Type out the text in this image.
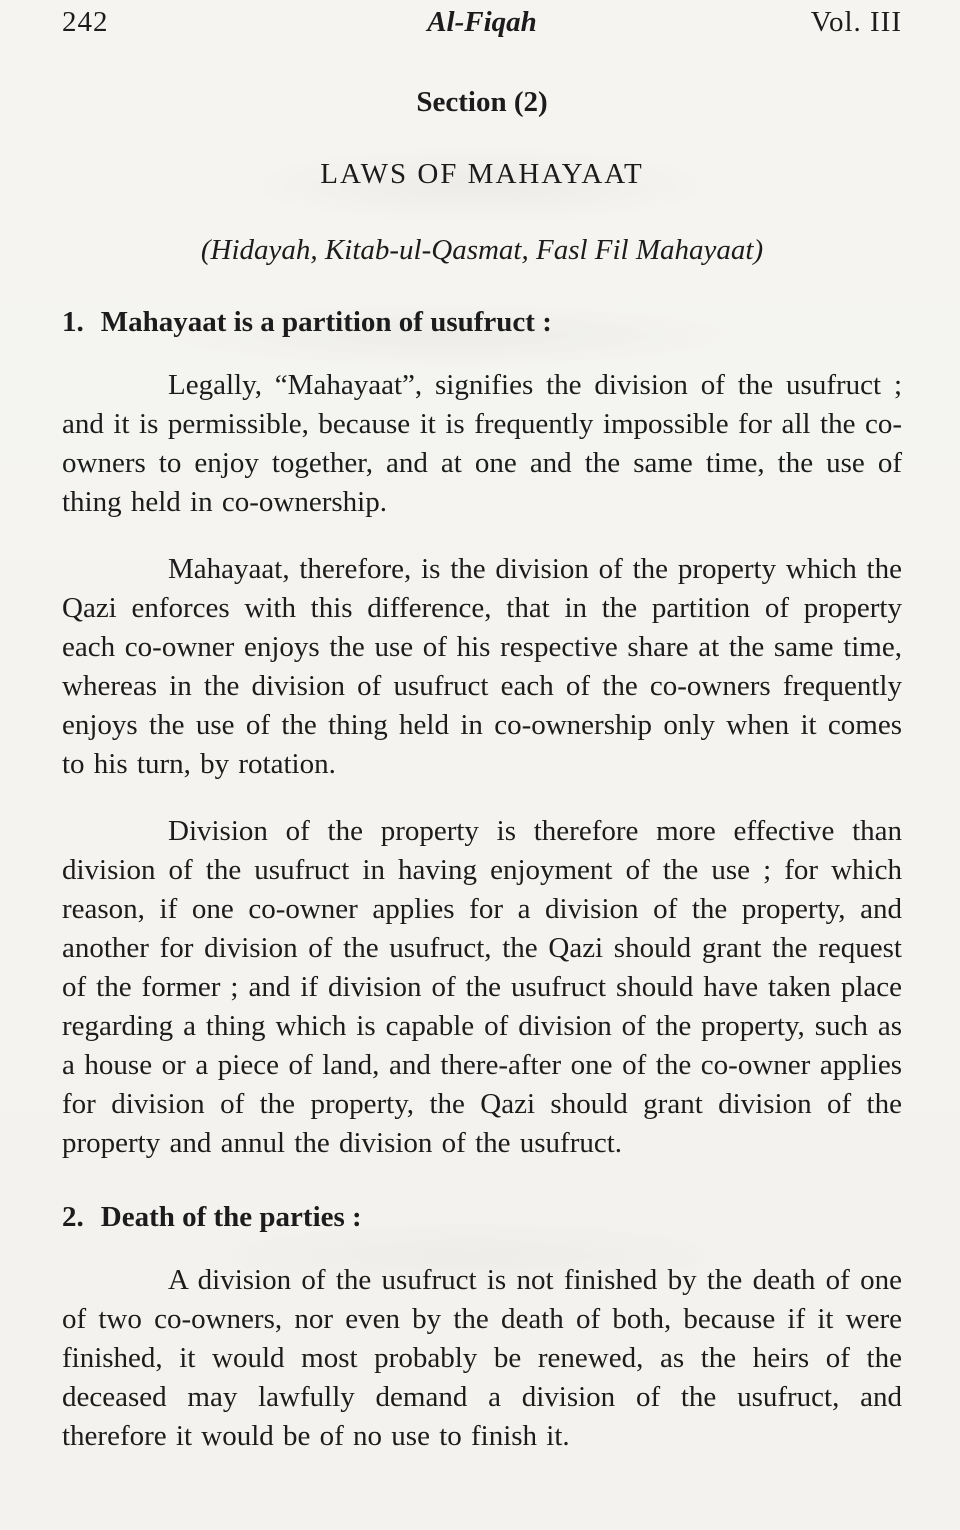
242	Al-Fiqah	Vol. III
Section (2)
LAWS OF MAHAYAAT
(Hidayah, Kitab-ul-Qasmat, Fasl Fil Mahayaat)
1. Mahayaat is a partition of usufruct :

Legally, “Mahayaat”, signifies the division of the usufruct ; and it is permissible, because it is frequently impossible for all the co-owners to enjoy together, and at one and the same time, the use of thing held in co-ownership.

Mahayaat, therefore, is the division of the property which the Qazi enforces with this difference, that in the partition of property each co-owner enjoys the use of his respective share at the same time, whereas in the division of usufruct each of the co-owners frequently enjoys the use of the thing held in co-ownership only when it comes to his turn, by rotation.

Division of the property is therefore more effective than division of the usufruct in having enjoyment of the use ; for which reason, if one co-owner applies for a division of the property, and another for division of the usufruct, the Qazi should grant the request of the former ; and if division of the usufruct should have taken place regarding a thing which is capable of division of the property, such as a house or a piece of land, and there-after one of the co-owner applies for division of the property, the Qazi should grant division of the property and annul the division of the usufruct.

2. Death of the parties :

A division of the usufruct is not finished by the death of one of two co-owners, nor even by the death of both, because if it were finished, it would most probably be renewed, as the heirs of the deceased may lawfully demand a division of the usufruct, and therefore it would be of no use to finish it.
